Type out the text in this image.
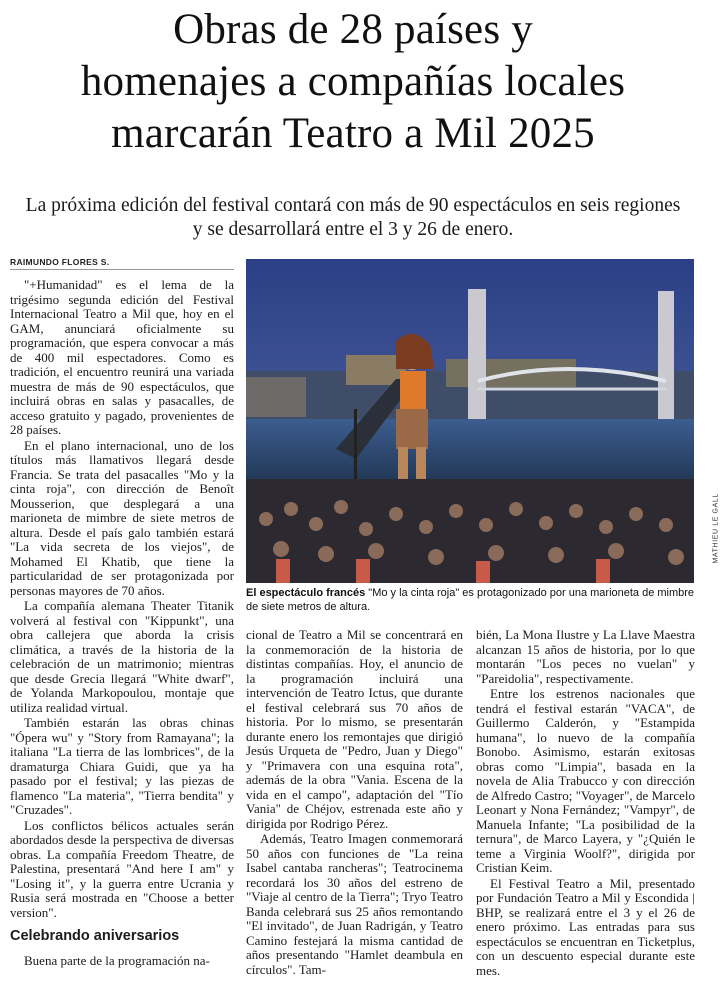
Obras de 28 países y
homenajes a compañías locales
marcarán Teatro a Mil 2025
La próxima edición del festival contará con más de 90 espectáculos en seis regiones y se desarrollará entre el 3 y 26 de enero.
RAIMUNDO FLORES S.

"+Humanidad" es el lema de la trigésimo segunda edición del Festival Internacional Teatro a Mil que, hoy en el GAM, anunciará oficialmente su programación, que espera convocar a más de 400 mil espectadores. Como es tradición, el encuentro reunirá una variada muestra de más de 90 espectáculos, que incluirá obras en salas y pasacalles, de acceso gratuito y pagado, provenientes de 28 países.

En el plano internacional, uno de los títulos más llamativos llegará desde Francia. Se trata del pasacalles "Mo y la cinta roja", con dirección de Benoît Mousserion, que desplegará a una marioneta de mimbre de siete metros de altura. Desde el país galo también estará "La vida secreta de los viejos", de Mohamed El Khatib, que tiene la particularidad de ser protagonizada por personas mayores de 70 años.

La compañía alemana Theater Titanik volverá al festival con "Kippunkt", una obra callejera que aborda la crisis climática, a través de la historia de la celebración de un matrimonio; mientras que desde Grecia llegará "White dwarf", de Yolanda Markopoulou, montaje que utiliza realidad virtual.

También estarán las obras chinas "Ópera wu" y "Story from Ramayana"; la italiana "La tierra de las lombrices", de la dramaturga Chiara Guidi, que ya ha pasado por el festival; y las piezas de flamenco "La materia", "Tierra bendita" y "Cruzades".

Los conflictos bélicos actuales serán abordados desde la perspectiva de diversas obras. La compañía Freedom Theatre, de Palestina, presentará "And here I am" y "Losing it", y la guerra entre Ucrania y Rusia será mostrada en "Choose a better version".

Celebrando aniversarios

Buena parte de la programación na-

MATHIEU LE GALL
El espectáculo francés "Mo y la cinta roja" es protagonizado por una marioneta de mimbre de siete metros de altura.

cional de Teatro a Mil se concentrará en la conmemoración de la historia de distintas compañías. Hoy, el anuncio de la programación incluirá una intervención de Teatro Ictus, que durante el festival celebrará sus 70 años de historia. Por lo mismo, se presentarán durante enero los remontajes que dirigió Jesús Urqueta de "Pedro, Juan y Diego" y "Primavera con una esquina rota", además de la obra "Vania. Escena de la vida en el campo", adaptación del "Tío Vania" de Chéjov, estrenada este año y dirigida por Rodrigo Pérez.

Además, Teatro Imagen conmemorará 50 años con funciones de "La reina Isabel cantaba rancheras"; Teatrocinema recordará los 30 años del estreno de "Viaje al centro de la Tierra"; Tryo Teatro Banda celebrará sus 25 años remontando "El invitado", de Juan Radrigán, y Teatro Camino festejará la misma cantidad de años presentando "Hamlet deambula en círculos". Tam-

bién, La Mona Ilustre y La Llave Maestra alcanzan 15 años de historia, por lo que montarán "Los peces no vuelan" y "Pareidolia", respectivamente.

Entre los estrenos nacionales que tendrá el festival estarán "VACA", de Guillermo Calderón, y "Estampida humana", lo nuevo de la compañía Bonobo. Asimismo, estarán exitosas obras como "Limpia", basada en la novela de Alia Trabucco y con dirección de Alfredo Castro; "Voyager", de Marcelo Leonart y Nona Fernández; "Vampyr", de Manuela Infante; "La posibilidad de la ternura", de Marco Layera, y "¿Quién le teme a Virginia Woolf?", dirigida por Cristian Keim.

El Festival Teatro a Mil, presentado por Fundación Teatro a Mil y Escondida | BHP, se realizará entre el 3 y el 26 de enero próximo. Las entradas para sus espectáculos se encuentran en Ticketplus, con un descuento especial durante este mes.
